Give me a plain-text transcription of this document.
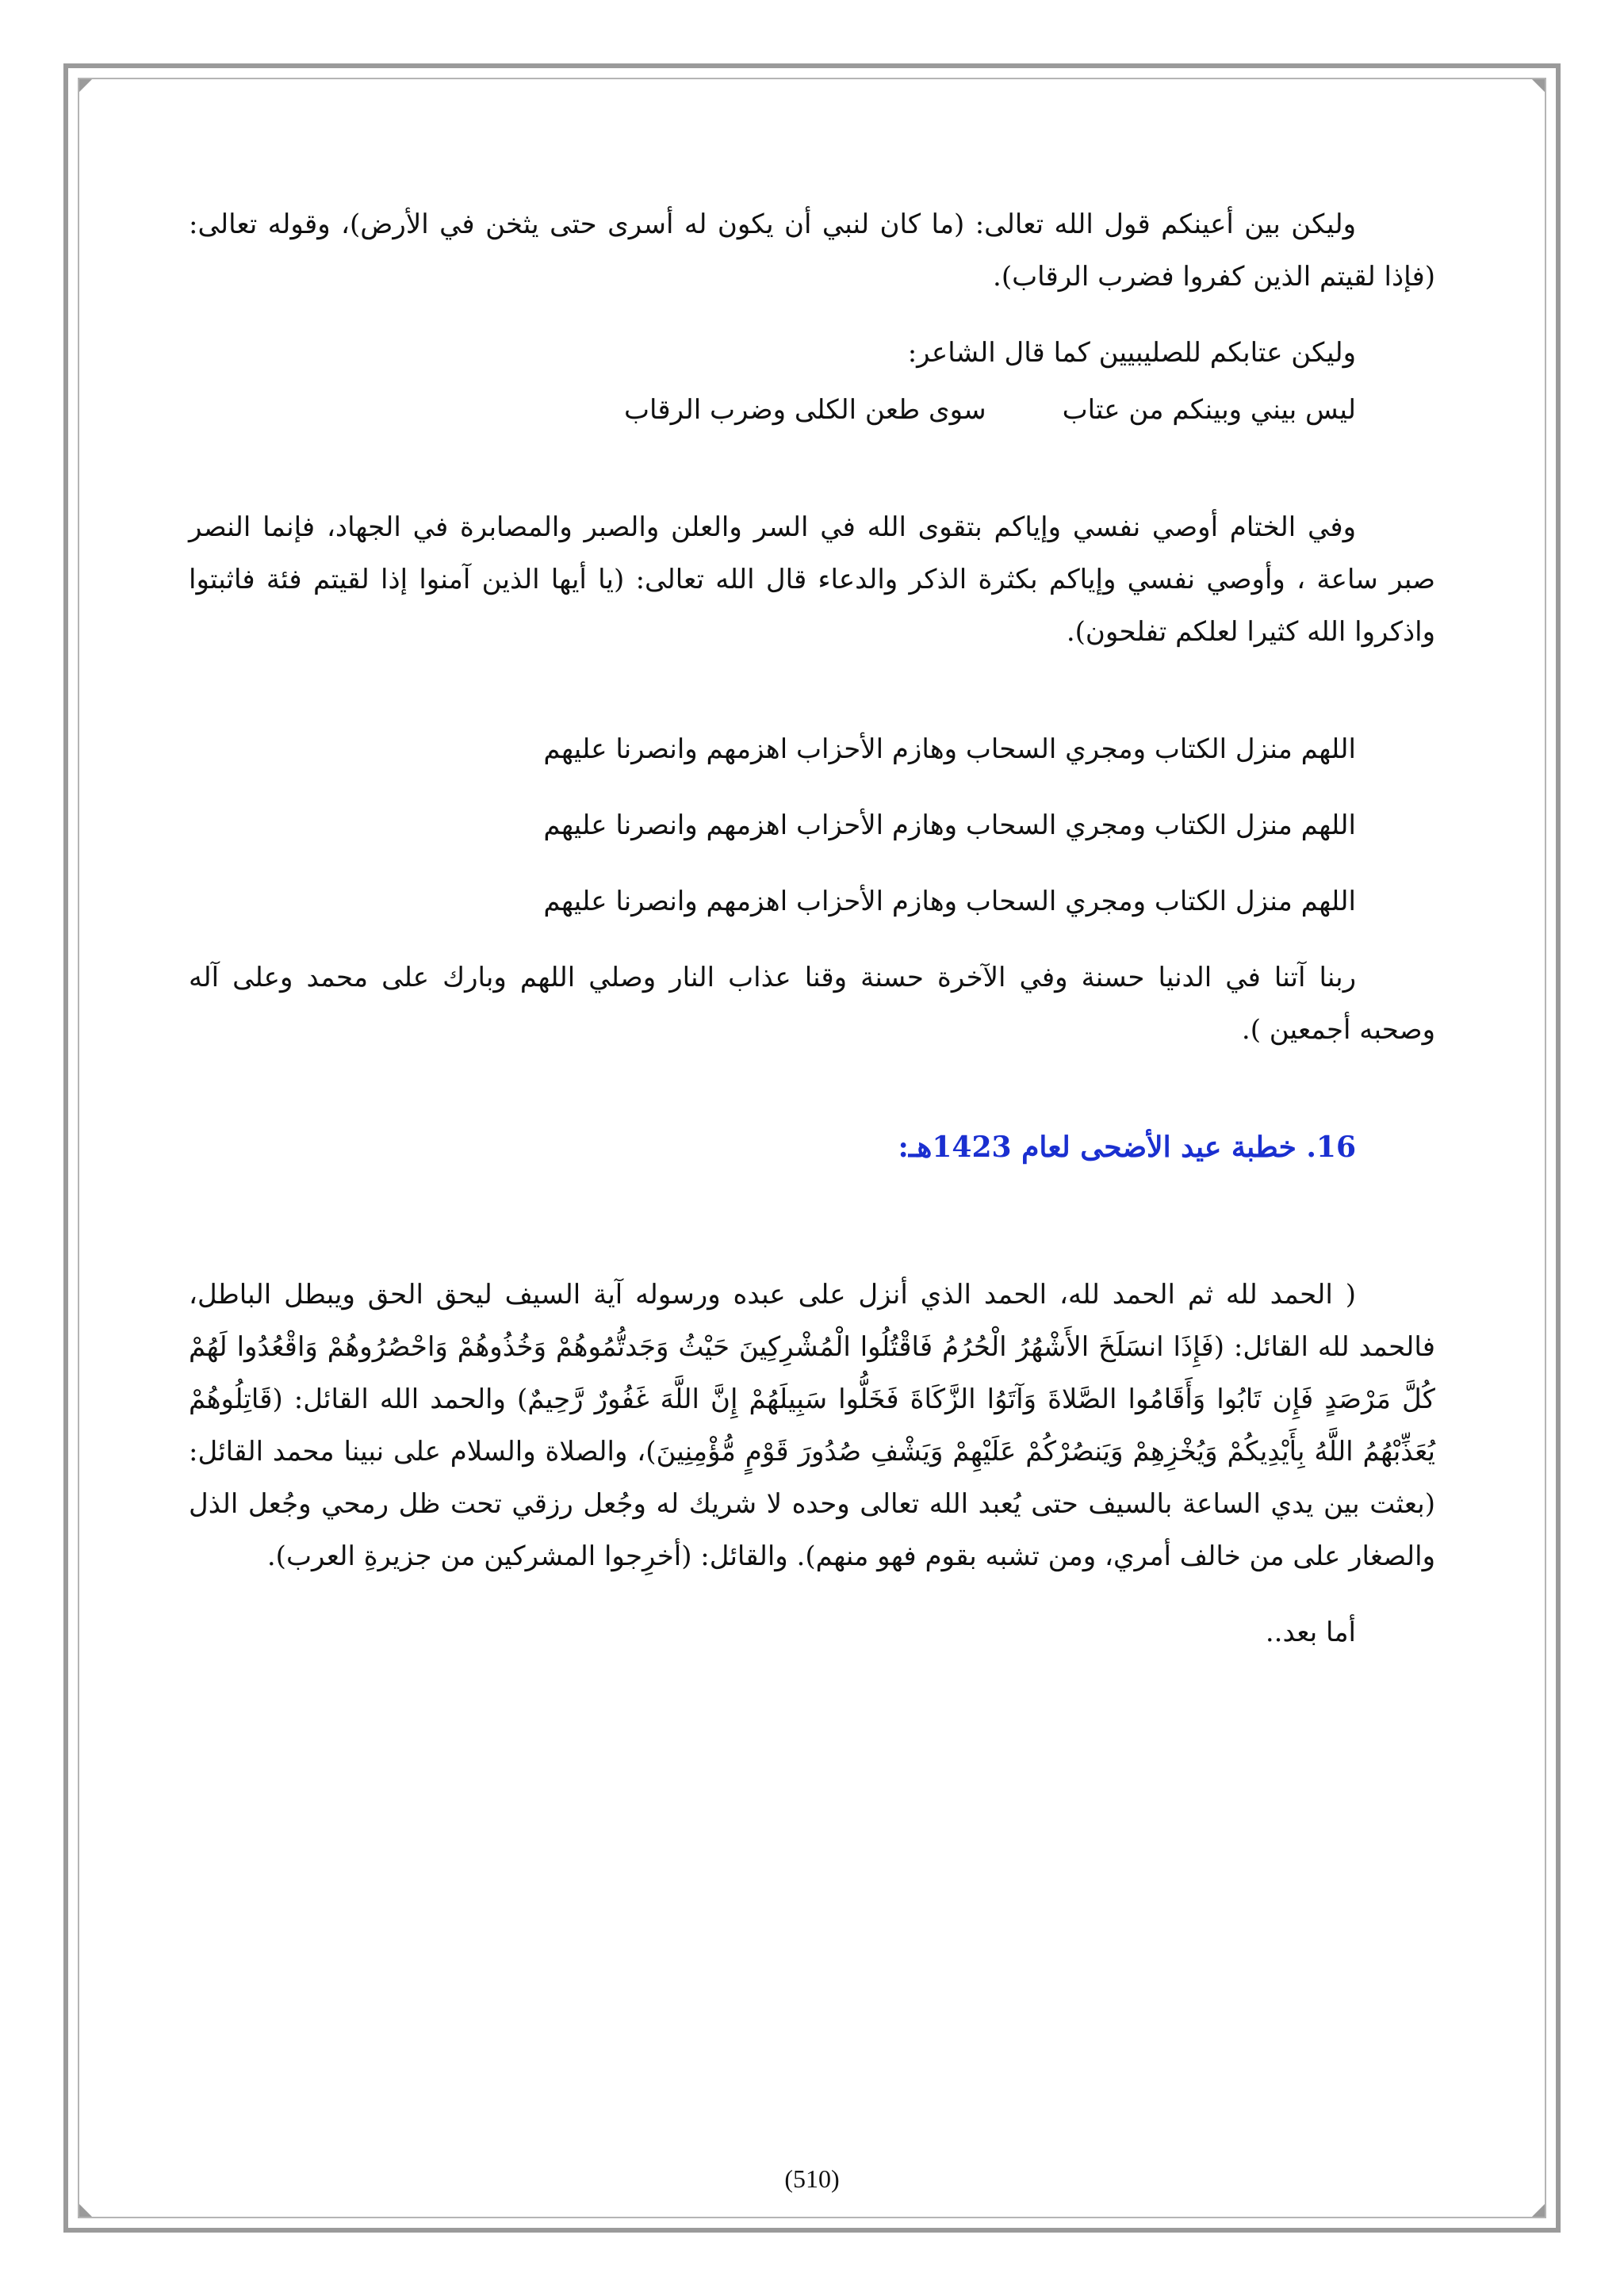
وليكن بين أعينكم قول الله تعالى: (ما كان لنبي أن يكون له أسرى حتى يثخن في الأرض)، وقوله تعالى: (فإذا لقيتم الذين كفروا فضرب الرقاب).

وليكن عتابكم للصليبيين كما قال الشاعر:

ليس بيني وبينكم من عتاب
سوى طعن الكلى وضرب الرقاب

وفي الختام أوصي نفسي وإياكم بتقوى الله في السر والعلن والصبر والمصابرة في الجهاد، فإنما النصر صبر ساعة ، وأوصي نفسي وإياكم بكثرة الذكر والدعاء قال الله تعالى: (يا أيها الذين آمنوا إذا لقيتم فئة فاثبتوا واذكروا الله كثيرا لعلكم تفلحون).

اللهم منزل الكتاب ومجري السحاب وهازم الأحزاب اهزمهم وانصرنا عليهم

اللهم منزل الكتاب ومجري السحاب وهازم الأحزاب اهزمهم وانصرنا عليهم

اللهم منزل الكتاب ومجري السحاب وهازم الأحزاب اهزمهم وانصرنا عليهم

ربنا آتنا في الدنيا حسنة وفي الآخرة حسنة وقنا عذاب النار وصلي اللهم وبارك على محمد وعلى آله وصحبه أجمعين ).

16. خطبة عيد الأضحى لعام 1423هـ:

( الحمد لله ثم الحمد لله، الحمد الذي أنزل على عبده ورسوله آية السيف ليحق الحق ويبطل الباطل، فالحمد لله القائل: (فَإِذَا انسَلَخَ الأَشْهُرُ الْحُرُمُ فَاقْتُلُوا الْمُشْرِكِينَ حَيْثُ وَجَدتُّمُوهُمْ وَخُذُوهُمْ وَاحْصُرُوهُمْ وَاقْعُدُوا لَهُمْ كُلَّ مَرْصَدٍ فَإِن تَابُوا وَأَقَامُوا الصَّلاةَ وَآتَوُا الزَّكَاةَ فَخَلُّوا سَبِيلَهُمْ إِنَّ اللَّهَ غَفُورٌ رَّحِيمٌ) والحمد الله القائل: (قَاتِلُوهُمْ يُعَذِّبْهُمُ اللَّهُ بِأَيْدِيكُمْ وَيُخْزِهِمْ وَيَنصُرْكُمْ عَلَيْهِمْ وَيَشْفِ صُدُورَ قَوْمٍ مُّؤْمِنِينَ)، والصلاة والسلام على نبينا محمد القائل: (بعثت بين يدي الساعة بالسيف حتى يُعبد الله تعالى وحده لا شريك له وجُعل رزقي تحت ظل رمحي وجُعل الذل والصغار على من خالف أمري، ومن تشبه بقوم فهو منهم). والقائل: (أخرِجوا المشركين من جزيرةِ العرب).

أما بعد..

(510)
